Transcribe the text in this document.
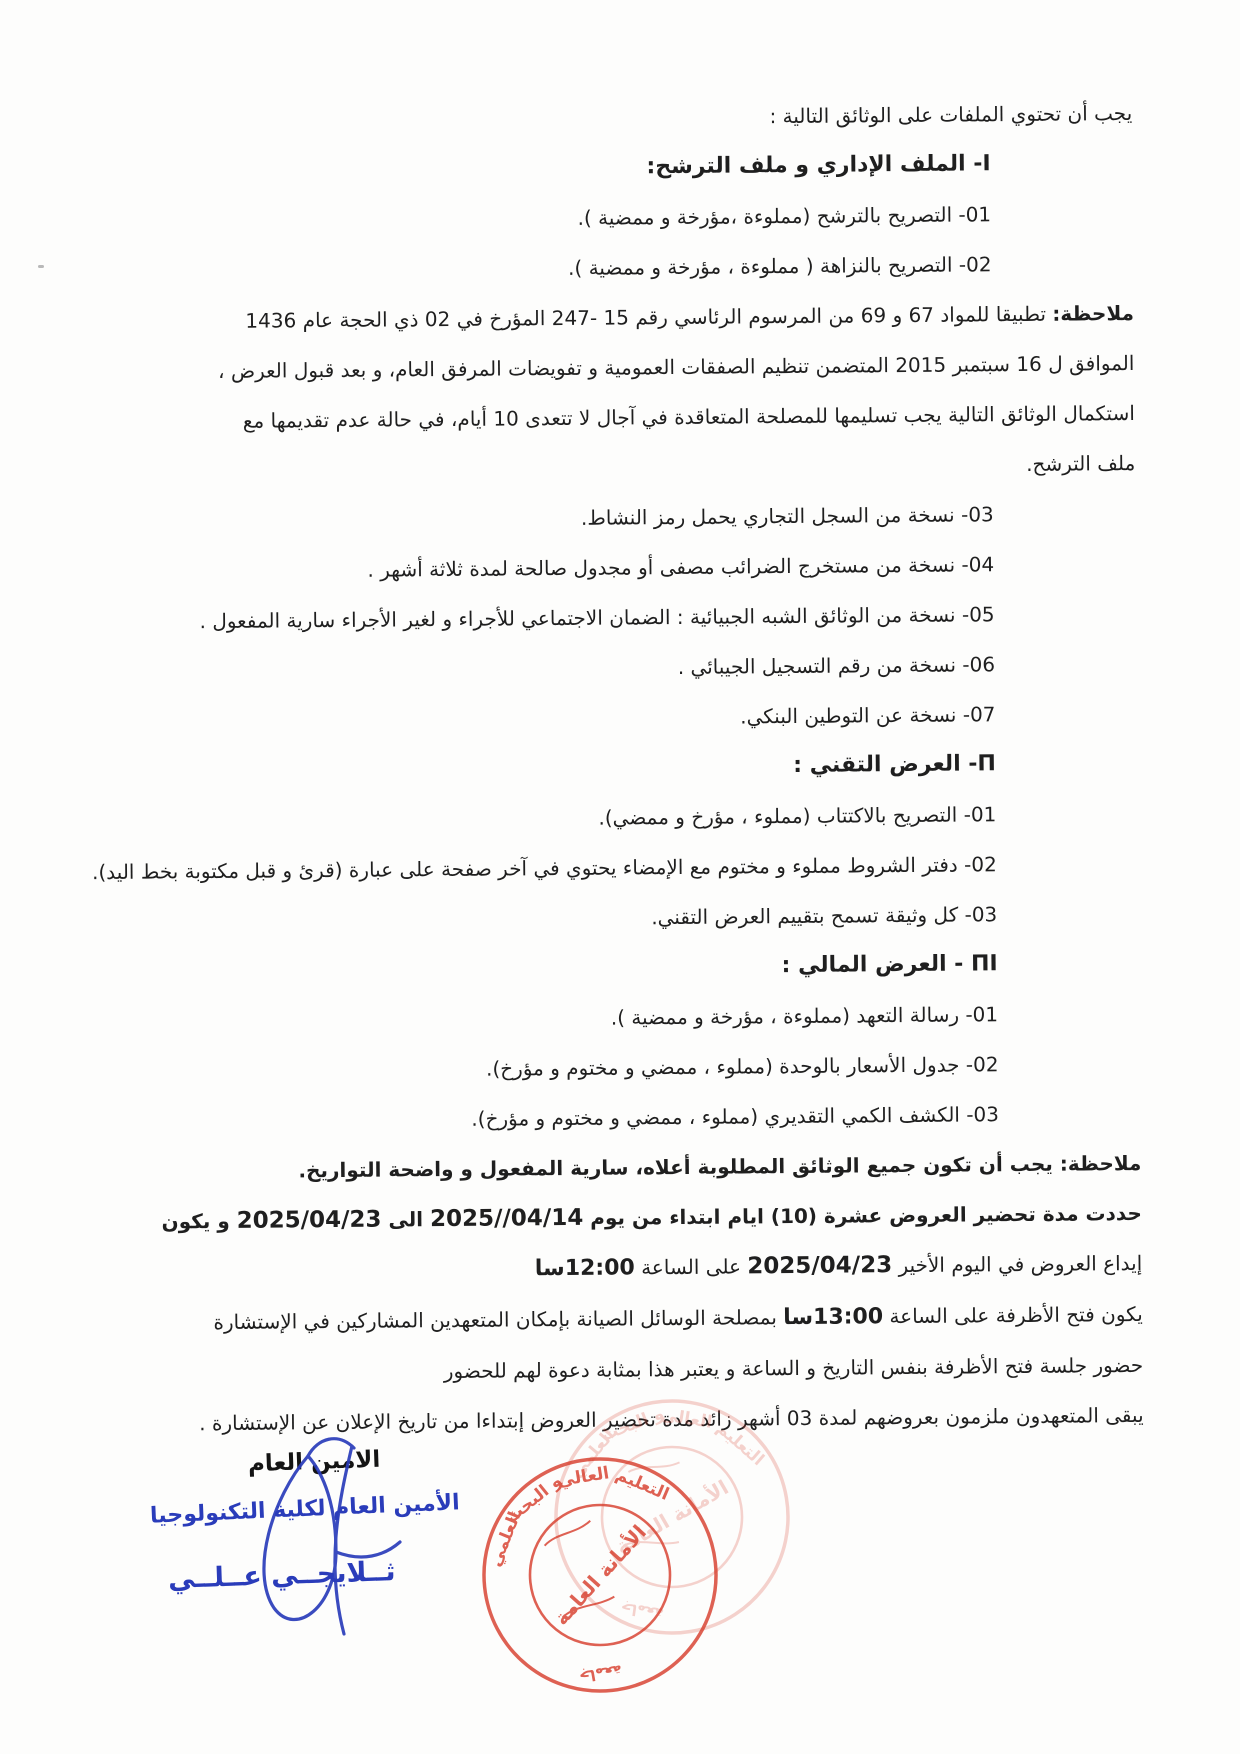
يجب أن تحتوي الملفات على الوثائق التالية :
I- الملف الإداري و ملف الترشح:
01- التصريح بالترشح (مملوءة ،مؤرخة و ممضية ).
02- التصريح بالنزاهة ( مملوءة ، مؤرخة و ممضية ).
ملاحظة: تطبيقا للمواد 67 و 69 من المرسوم الرئاسي رقم 15 -247 المؤرخ في 02 ذي الحجة عام 1436
الموافق ل 16 سبتمبر 2015 المتضمن تنظيم الصفقات العمومية و تفويضات المرفق العام، و بعد قبول العرض ،
استكمال الوثائق التالية يجب تسليمها للمصلحة المتعاقدة في آجال لا تتعدى 10 أيام، في حالة عدم تقديمها مع
ملف الترشح.
03- نسخة من السجل التجاري يحمل رمز النشاط.
04- نسخة من مستخرج الضرائب مصفى أو مجدول صالحة لمدة ثلاثة أشهر .
05- نسخة من الوثائق الشبه الجبيائية : الضمان الاجتماعي للأجراء و لغير الأجراء سارية المفعول .
06- نسخة من رقم التسجيل الجيبائي .
07- نسخة عن التوطين البنكي.
Π- العرض التقني :
01- التصريح بالاكتتاب (مملوء ، مؤرخ و ممضي).
02- دفتر الشروط مملوء و مختوم مع الإمضاء يحتوي في آخر صفحة على عبارة (قرئ و قبل مكتوبة بخط اليد).
03- كل وثيقة تسمح بتقييم العرض التقني.
ΠI - العرض المالي :
01- رسالة التعهد (مملوءة ، مؤرخة و ممضية ).
02- جدول الأسعار بالوحدة (مملوء ، ممضي و مختوم و مؤرخ).
03- الكشف الكمي التقديري (مملوء ، ممضي و مختوم و مؤرخ).
ملاحظة: يجب أن تكون جميع الوثائق المطلوبة أعلاه، سارية المفعول و واضحة التواريخ.
حددت مدة تحضير العروض عشرة (10) ايام ابتداء من يوم 2025//04/14 الى 2025/04/23 و يكون
إيداع العروض في اليوم الأخير 2025/04/23 على الساعة 12:00سا
يكون فتح الأظرفة على الساعة 13:00سا بمصلحة الوسائل الصيانة بإمكان المتعهدين المشاركين في الإستشارة
حضور جلسة فتح الأظرفة بنفس التاريخ و الساعة و يعتبر هذا بمثابة دعوة لهم للحضور
يبقى المتعهدون ملزمون بعروضهم لمدة 03 أشهر زائد مدة تحضير العروض إبتداءا من تاريخ الإعلان عن الإستشارة .
الامين العام
الأمين العام لكلية التكنولوجيا
ثــلايجــي عــلــي
التعليم
العالي
و البحث
العلمي
جامعة
الأمانة العامة
